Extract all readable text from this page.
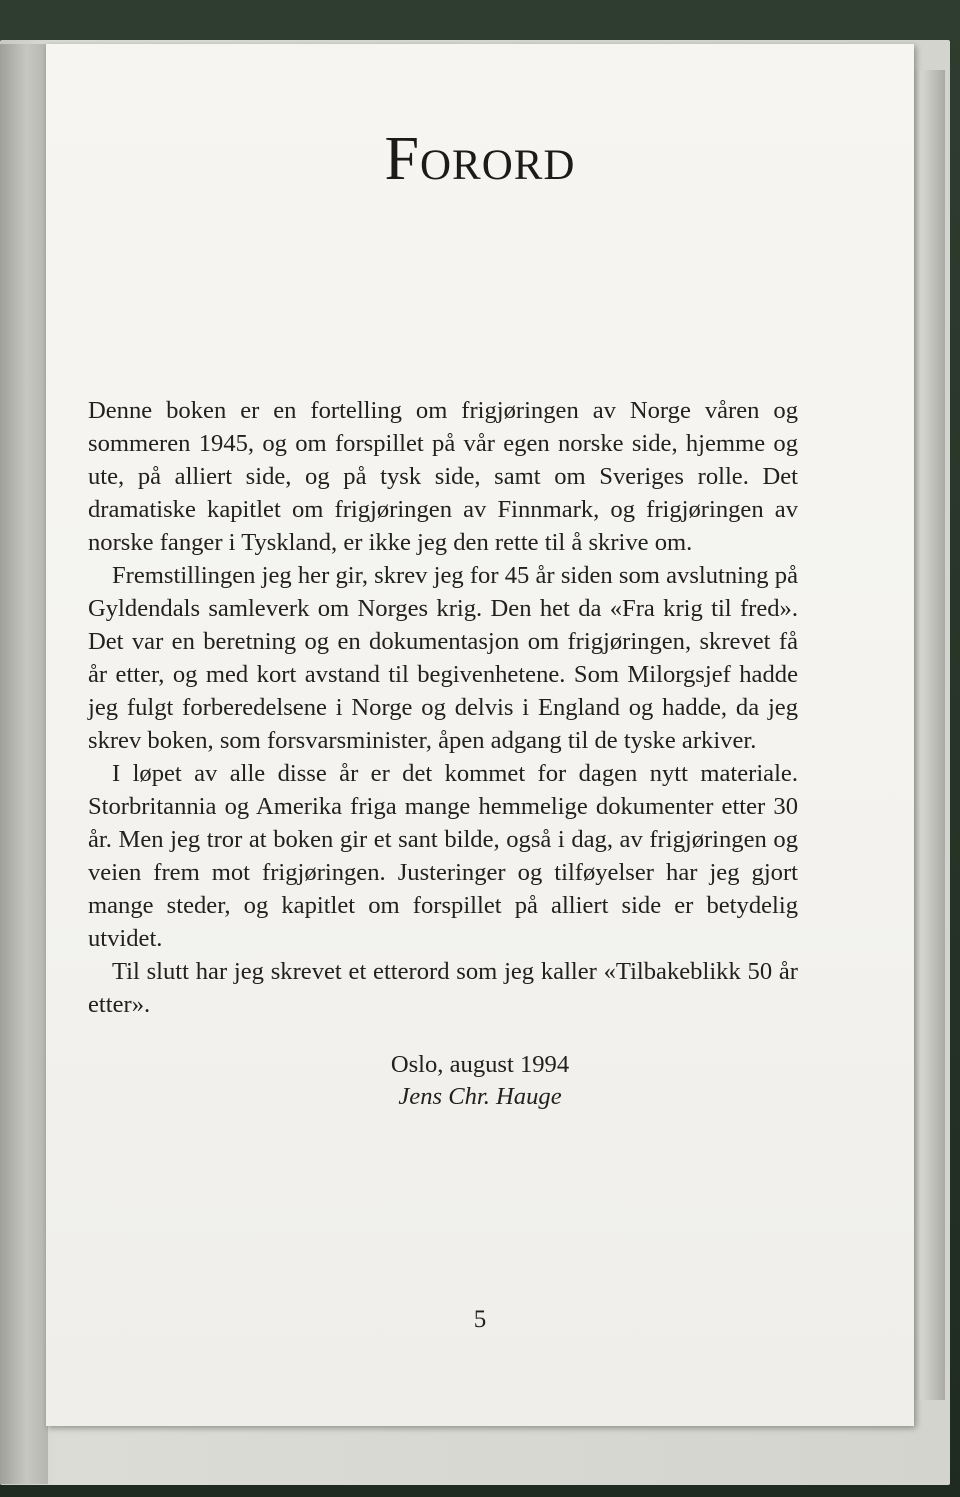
Forord

Denne boken er en fortelling om frigjøringen av Norge våren og sommeren 1945, og om forspillet på vår egen norske side, hjemme og ute, på alliert side, og på tysk side, samt om Sveriges rolle. Det dramatiske kapitlet om frigjøringen av Finnmark, og frigjøringen av norske fanger i Tyskland, er ikke jeg den rette til å skrive om.

Fremstillingen jeg her gir, skrev jeg for 45 år siden som avslutning på Gyldendals samleverk om Norges krig. Den het da «Fra krig til fred». Det var en beretning og en dokumentasjon om frigjøringen, skrevet få år etter, og med kort avstand til begivenhetene. Som Milorgsjef hadde jeg fulgt forberedelsene i Norge og delvis i England og hadde, da jeg skrev boken, som forsvarsminister, åpen adgang til de tyske arkiver.

I løpet av alle disse år er det kommet for dagen nytt materiale. Storbritannia og Amerika friga mange hemmelige dokumenter etter 30 år. Men jeg tror at boken gir et sant bilde, også i dag, av frigjøringen og veien frem mot frigjøringen. Justeringer og tilføyelser har jeg gjort mange steder, og kapitlet om forspillet på alliert side er betydelig utvidet.

Til slutt har jeg skrevet et etterord som jeg kaller «Tilbakeblikk 50 år etter».

Oslo, august 1994
Jens Chr. Hauge
5
